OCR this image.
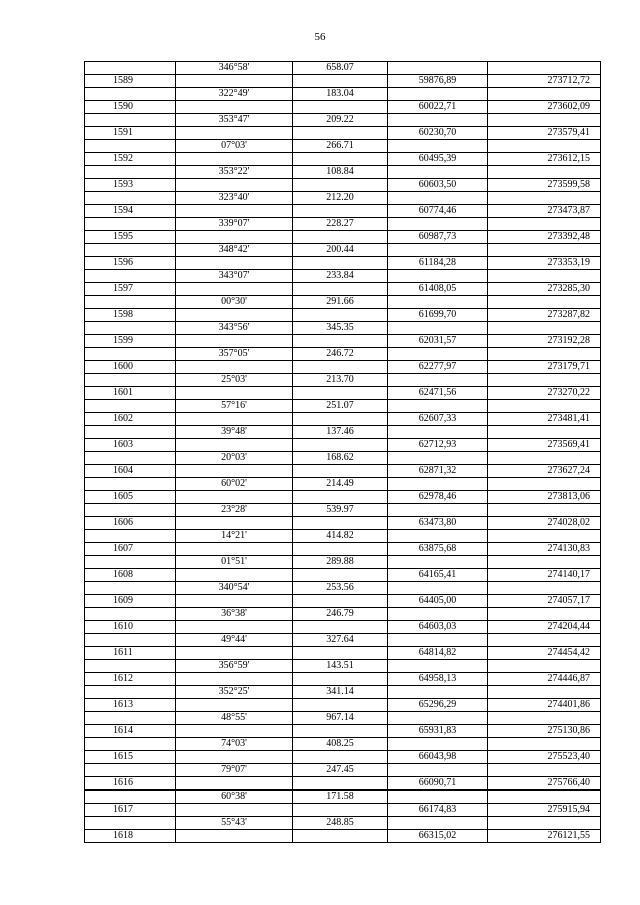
56
	346°58'	658.07		
1589			59876,89	273712,72
	322°49'	183.04		
1590			60022,71	273602,09
	353°47'	209.22		
1591			60230,70	273579,41
	07°03'	266.71		
1592			60495,39	273612,15
	353°22'	108.84		
1593			60603,50	273599,58
	323°40'	212.20		
1594			60774,46	273473,87
	339°07'	228.27		
1595			60987,73	273392,48
	348°42'	200.44		
1596			61184,28	273353,19
	343°07'	233.84		
1597			61408,05	273285,30
	00°30'	291.66		
1598			61699,70	273287,82
	343°56'	345.35		
1599			62031,57	273192,28
	357°05'	246.72		
1600			62277,97	273179,71
	25°03'	213.70		
1601			62471,56	273270,22
	57°16'	251.07		
1602			62607,33	273481,41
	39°48'	137.46		
1603			62712,93	273569,41
	20°03'	168.62		
1604			62871,32	273627,24
	60°02'	214.49		
1605			62978,46	273813,06
	23°28'	539.97		
1606			63473,80	274028,02
	14°21'	414.82		
1607			63875,68	274130,83
	01°51'	289.88		
1608			64165,41	274140,17
	340°54'	253.56		
1609			64405,00	274057,17
	36°38'	246.79		
1610			64603,03	274204,44
	49°44'	327.64		
1611			64814,82	274454,42
	356°59'	143.51		
1612			64958,13	274446,87
	352°25'	341.14		
1613			65296,29	274401,86
	48°55'	967.14		
1614			65931,83	275130,86
	74°03'	408.25		
1615			66043,98	275523,40
	79°07'	247.45		
1616			66090,71	275766,40
	60°38'	171.58		
1617			66174,83	275915,94
	55°43'	248.85		
1618			66315,02	276121,55
